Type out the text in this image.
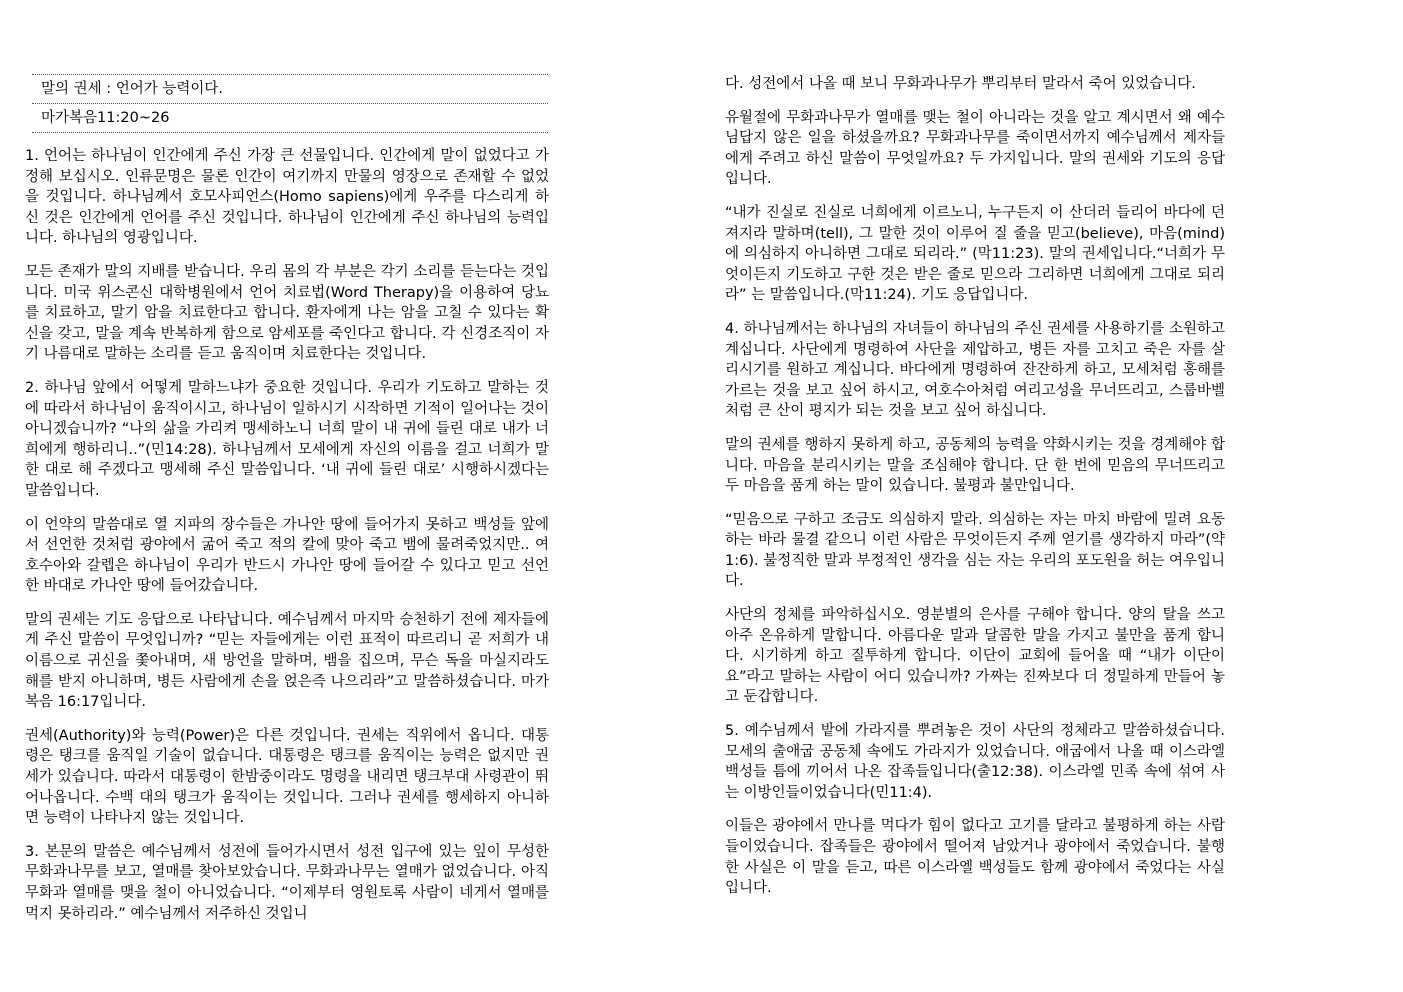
말의 권세 : 언어가 능력이다.
마가복음11:20~26

1. 언어는 하나님이 인간에게 주신 가장 큰 선물입니다. 인간에게 말이 없었다고 가정해 보십시오. 인류문명은 물론 인간이 여기까지 만물의 영장으로 존재할 수 없었을 것입니다. 하나님께서 호모사피언스(Homo sapiens)에게 우주를 다스리게 하신 것은 인간에게 언어를 주신 것입니다. 하나님이 인간에게 주신 하나님의 능력입니다. 하나님의 영광입니다.

모든 존재가 말의 지배를 받습니다. 우리 몸의 각 부분은 각기 소리를 듣는다는 것입니다. 미국 위스콘신 대학병원에서 언어 치료법(Word Therapy)을 이용하여 당뇨를 치료하고, 말기 암을 치료한다고 합니다. 환자에게 나는 암을 고칠 수 있다는 확신을 갖고, 말을 계속 반복하게 함으로 암세포를 죽인다고 합니다. 각 신경조직이 자기 나름대로 말하는 소리를 듣고 움직이며 치료한다는 것입니다.

2. 하나님 앞에서 어떻게 말하느냐가 중요한 것입니다. 우리가 기도하고 말하는 것에 따라서 하나님이 움직이시고, 하나님이 일하시기 시작하면 기적이 일어나는 것이 아니겠습니까? “나의 삶을 가리켜 맹세하노니 너희 말이 내 귀에 들린 대로 내가 너희에게 행하리니..”(민14:28). 하나님께서 모세에게 자신의 이름을 걸고 너희가 말한 대로 해 주겠다고 맹세해 주신 말씀입니다. ‘내 귀에 들린 대로’ 시행하시겠다는 말씀입니다.

이 언약의 말씀대로 열 지파의 장수들은 가나안 땅에 들어가지 못하고 백성들 앞에서 선언한 것처럼 광야에서 굶어 죽고 적의 칼에 맞아 죽고 뱀에 물려죽었지만.. 여호수아와 갈렙은 하나님이 우리가 반드시 가나안 땅에 들어갈 수 있다고 믿고 선언한 바대로 가나안 땅에 들어갔습니다.

말의 권세는 기도 응답으로 나타납니다. 예수님께서 마지막 승천하기 전에 제자들에게 주신 말씀이 무엇입니까? “믿는 자들에게는 이런 표적이 따르리니 곧 저희가 내 이름으로 귀신을 쫓아내며, 새 방언을 말하며, 뱀을 집으며, 무슨 독을 마실지라도 해를 받지 아니하며, 병든 사람에게 손을 얹은즉 나으리라”고 말씀하셨습니다. 마가복음 16:17입니다.

권세(Authority)와 능력(Power)은 다른 것입니다. 권세는 직위에서 옵니다. 대통령은 탱크를 움직일 기술이 없습니다. 대통령은 탱크를 움직이는 능력은 없지만 권세가 있습니다. 따라서 대통령이 한밤중이라도 명령을 내리면 탱크부대 사령관이 뛰어나옵니다. 수백 대의 탱크가 움직이는 것입니다. 그러나 권세를 행세하지 아니하면 능력이 나타나지 않는 것입니다.

3. 본문의 말씀은 예수님께서 성전에 들어가시면서 성전 입구에 있는 잎이 무성한 무화과나무를 보고, 열매를 찾아보았습니다. 무화과나무는 열매가 없었습니다. 아직 무화과 열매를 맺을 철이 아니었습니다. “이제부터 영원토록 사람이 네게서 열매를 먹지 못하리라.” 예수님께서 저주하신 것입니

다. 성전에서 나올 때 보니 무화과나무가 뿌리부터 말라서 죽어 있었습니다.

유월절에 무화과나무가 열매를 맺는 철이 아니라는 것을 알고 계시면서 왜 예수님답지 않은 일을 하셨을까요? 무화과나무를 죽이면서까지 예수님께서 제자들에게 주려고 하신 말씀이 무엇일까요? 두 가지입니다. 말의 권세와 기도의 응답입니다.

“내가 진실로 진실로 너희에게 이르노니, 누구든지 이 산더러 들리어 바다에 던져지라 말하며(tell), 그 말한 것이 이루어 질 줄을 믿고(believe), 마음(mind)에 의심하지 아니하면 그대로 되리라.” (막11:23). 말의 권세입니다.“너희가 무엇이든지 기도하고 구한 것은 받은 줄로 믿으라 그리하면 너희에게 그대로 되리라” 는 말씀입니다.(막11:24). 기도 응답입니다.

4. 하나님께서는 하나님의 자녀들이 하나님의 주신 권세를 사용하기를 소원하고 계십니다. 사단에게 명령하여 사단을 제압하고, 병든 자를 고치고 죽은 자를 살리시기를 원하고 계십니다. 바다에게 명령하여 잔잔하게 하고, 모세처럼 홍해를 가르는 것을 보고 싶어 하시고, 여호수아처럼 여리고성을 무너뜨리고, 스룹바벨처럼 큰 산이 평지가 되는 것을 보고 싶어 하십니다.

말의 권세를 행하지 못하게 하고, 공동체의 능력을 약화시키는 것을 경계해야 합니다. 마음을 분리시키는 말을 조심해야 합니다. 단 한 번에 믿음의 무너뜨리고 두 마음을 품게 하는 말이 있습니다. 불평과 불만입니다.

“믿음으로 구하고 조금도 의심하지 말라. 의심하는 자는 마치 바람에 밀려 요동하는 바라 물결 같으니 이런 사람은 무엇이든지 주께 얻기를 생각하지 마라”(약1:6). 불정직한 말과 부정적인 생각을 심는 자는 우리의 포도원을 허는 여우입니다.

사단의 정체를 파악하십시오. 영분별의 은사를 구해야 합니다. 양의 탈을 쓰고 아주 온유하게 말합니다. 아름다운 말과 달콤한 말을 가지고 불만을 품게 합니다. 시기하게 하고 질투하게 합니다. 이단이 교회에 들어올 때 “내가 이단이요”라고 말하는 사람이 어디 있습니까? 가짜는 진짜보다 더 정밀하게 만들어 놓고 둔갑합니다.

5. 예수님께서 밭에 가라지를 뿌려놓은 것이 사단의 정체라고 말씀하셨습니다. 모세의 출애굽 공동체 속에도 가라지가 있었습니다. 애굽에서 나올 때 이스라엘 백성들 틈에 끼어서 나온 잡족들입니다(출12:38). 이스라엘 민족 속에 섞여 사는 이방인들이었습니다(민11:4).

이들은 광야에서 만나를 먹다가 힘이 없다고 고기를 달라고 불평하게 하는 사람들이었습니다. 잡족들은 광야에서 떨어져 남았거나 광야에서 죽었습니다. 불행한 사실은 이 말을 듣고, 따른 이스라엘 백성들도 함께 광야에서 죽었다는 사실입니다.
